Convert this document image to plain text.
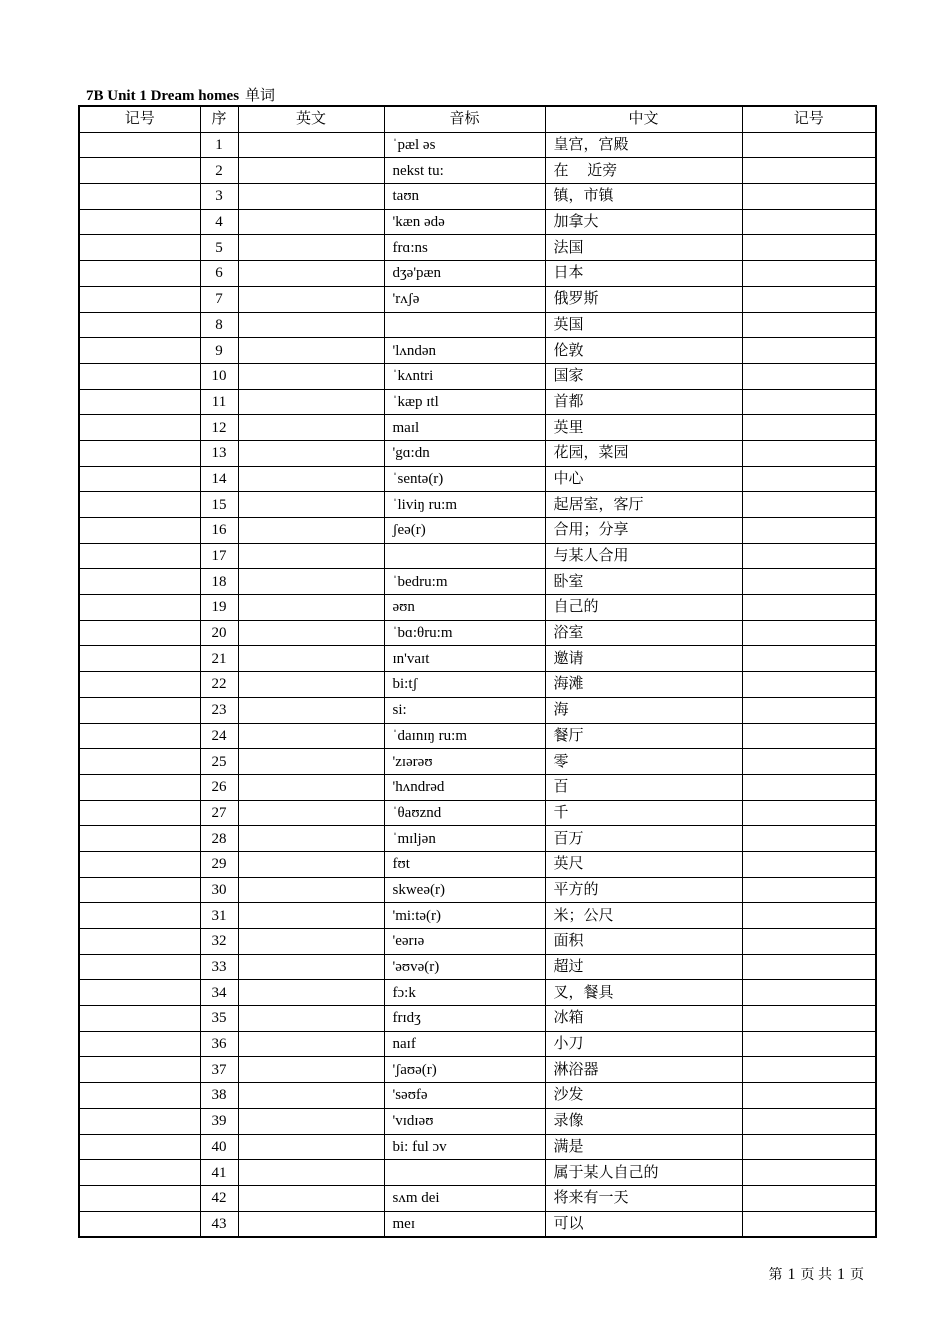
7B Unit 1 Dream homes 单词
记号	序	英文	音标	中文	记号
	1		ˈpæl əs	皇宫，宫殿	
	2		nekst tu:	在　 近旁	
	3		taʊn	镇，市镇	
	4		'kæn ədə	加拿大	
	5		frɑ:ns	法国	
	6		dʒə'pæn	日本	
	7		'rʌʃə	俄罗斯	
	8			英国	
	9		'lʌndən	伦敦	
	10		ˈkʌntri	国家	
	11		ˈkæp ɪtl	首都	
	12		maɪl	英里	
	13		'gɑ:dn	花园，菜园	
	14		ˈsentə(r)	中心	
	15		ˈliviŋ ru:m	起居室，客厅	
	16		ʃeə(r)	合用；分享	
	17			与某人合用	
	18		ˈbedru:m	卧室	
	19		əʊn	自己的	
	20		ˈbɑ:θru:m	浴室	
	21		ɪn'vaɪt	邀请	
	22		bi:tʃ	海滩	
	23		si:	海	
	24		ˈdaɪnɪŋ ru:m	餐厅	
	25		'zɪərəʊ	零	
	26		'hʌndrəd	百	
	27		ˈθaʊznd	千	
	28		ˈmɪljən	百万	
	29		fʊt	英尺	
	30		skweə(r)	平方的	
	31		'mi:tə(r)	米；公尺	
	32		'eərɪə	面积	
	33		'əʊvə(r)	超过	
	34		fɔ:k	叉，餐具	
	35		frɪdʒ	冰箱	
	36		naɪf	小刀	
	37		'ʃaʊə(r)	淋浴器	
	38		'səʊfə	沙发	
	39		'vɪdɪəʊ	录像	
	40		bi: ful ɔv	满是	
	41			属于某人自己的	
	42		sʌm dei	将来有一天	
	43		meɪ	可以	
第 1 页 共 1 页
